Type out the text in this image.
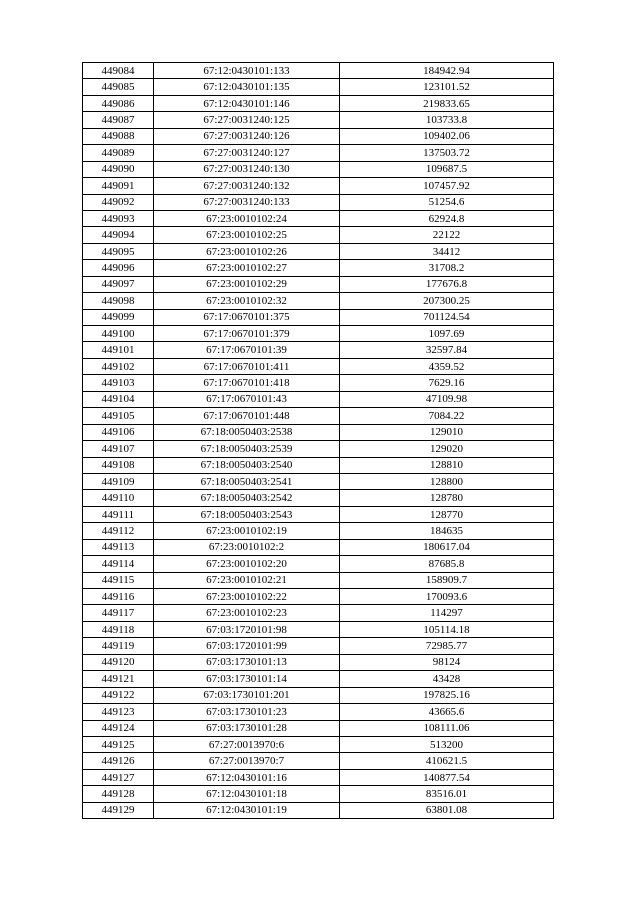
449084	67:12:0430101:133	184942.94
449085	67:12:0430101:135	123101.52
449086	67:12:0430101:146	219833.65
449087	67:27:0031240:125	103733.8
449088	67:27:0031240:126	109402.06
449089	67:27:0031240:127	137503.72
449090	67:27:0031240:130	109687.5
449091	67:27:0031240:132	107457.92
449092	67:27:0031240:133	51254.6
449093	67:23:0010102:24	62924.8
449094	67:23:0010102:25	22122
449095	67:23:0010102:26	34412
449096	67:23:0010102:27	31708.2
449097	67:23:0010102:29	177676.8
449098	67:23:0010102:32	207300.25
449099	67:17:0670101:375	701124.54
449100	67:17:0670101:379	1097.69
449101	67:17:0670101:39	32597.84
449102	67:17:0670101:411	4359.52
449103	67:17:0670101:418	7629.16
449104	67:17:0670101:43	47109.98
449105	67:17:0670101:448	7084.22
449106	67:18:0050403:2538	129010
449107	67:18:0050403:2539	129020
449108	67:18:0050403:2540	128810
449109	67:18:0050403:2541	128800
449110	67:18:0050403:2542	128780
449111	67:18:0050403:2543	128770
449112	67:23:0010102:19	184635
449113	67:23:0010102:2	180617.04
449114	67:23:0010102:20	87685.8
449115	67:23:0010102:21	158909.7
449116	67:23:0010102:22	170093.6
449117	67:23:0010102:23	114297
449118	67:03:1720101:98	105114.18
449119	67:03:1720101:99	72985.77
449120	67:03:1730101:13	98124
449121	67:03:1730101:14	43428
449122	67:03:1730101:201	197825.16
449123	67:03:1730101:23	43665.6
449124	67:03:1730101:28	108111.06
449125	67:27:0013970:6	513200
449126	67:27:0013970:7	410621.5
449127	67:12:0430101:16	140877.54
449128	67:12:0430101:18	83516.01
449129	67:12:0430101:19	63801.08
